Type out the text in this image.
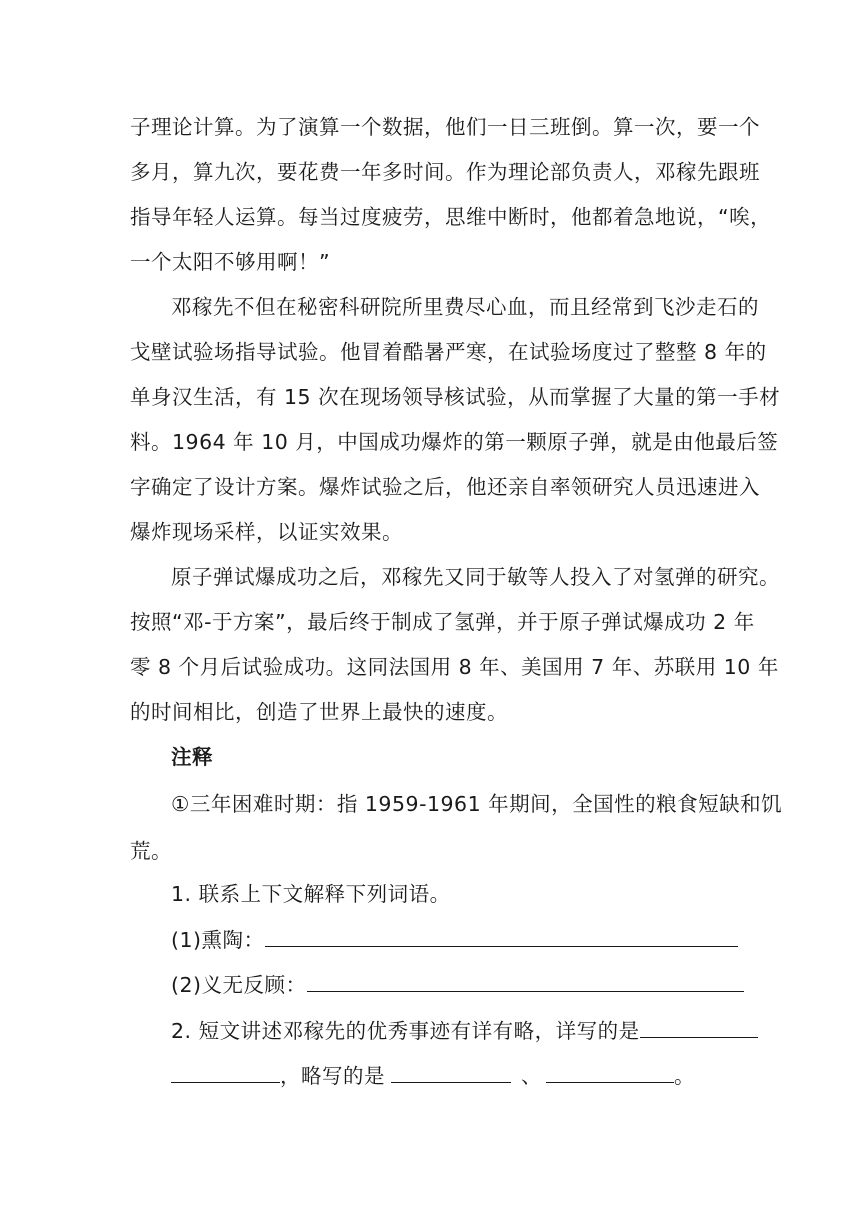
子理论计算。为了演算一个数据，他们一日三班倒。算一次，要一个
多月，算九次，要花费一年多时间。作为理论部负责人，邓稼先跟班
指导年轻人运算。每当过度疲劳，思维中断时，他都着急地说，“唉，
一个太阳不够用啊！”
邓稼先不但在秘密科研院所里费尽心血，而且经常到飞沙走石的
戈壁试验场指导试验。他冒着酷暑严寒，在试验场度过了整整 8 年的
单身汉生活，有 15 次在现场领导核试验，从而掌握了大量的第一手材
料。1964 年 10 月，中国成功爆炸的第一颗原子弹，就是由他最后签
字确定了设计方案。爆炸试验之后，他还亲自率领研究人员迅速进入
爆炸现场采样，以证实效果。
原子弹试爆成功之后，邓稼先又同于敏等人投入了对氢弹的研究。
按照“邓-于方案”，最后终于制成了氢弹，并于原子弹试爆成功 2 年
零 8 个月后试验成功。这同法国用 8 年、美国用 7 年、苏联用 10 年
的时间相比，创造了世界上最快的速度。
注释
①三年困难时期：指 1959-1961 年期间，全国性的粮食短缺和饥
荒。
1. 联系上下文解释下列词语。
(1)熏陶：
(2)义无反顾：
2. 短文讲述邓稼先的优秀事迹有详有略，详写的是
，略写的是	、	。
